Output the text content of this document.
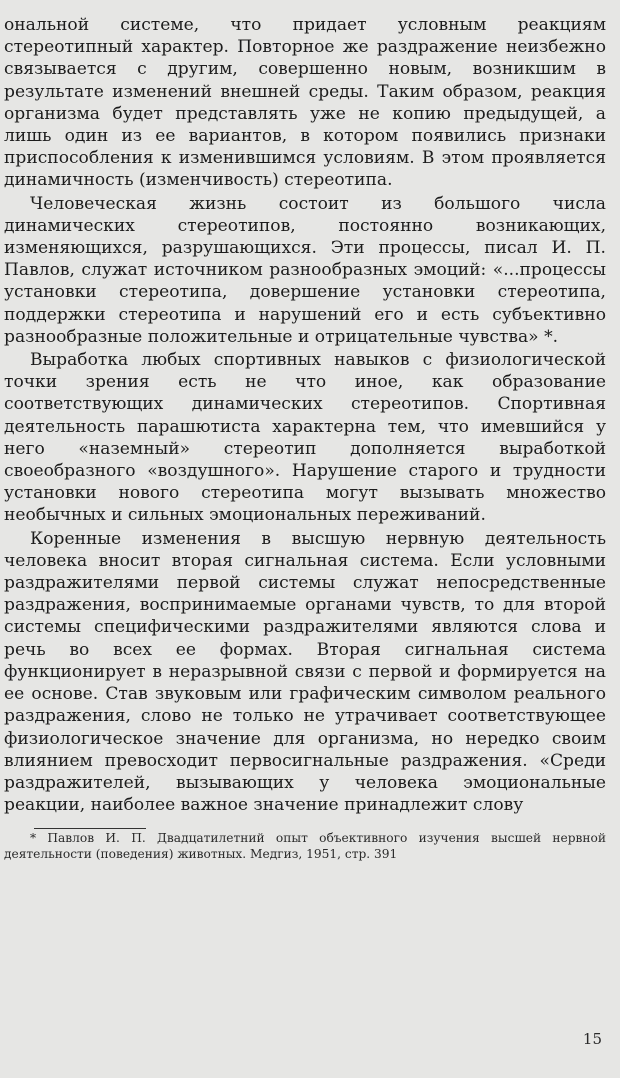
ональной системе, что придает условным реакциям стереотипный характер. Повторное же раздражение неизбежно связывается с другим, совершенно новым, возникшим в результате изменений внешней среды. Таким образом, реакция организма будет представлять уже не копию предыдущей, а лишь один из ее вариантов, в котором появились признаки приспособления к изменившимся условиям. В этом проявляется динамичность (изменчивость) стереотипа.

Человеческая жизнь состоит из большого числа динамических стереотипов, постоянно возникающих, изменяющихся, разрушающихся. Эти процессы, писал И. П. Павлов, служат источником разнообразных эмоций: «...процессы установки стереотипа, довершение установки стереотипа, поддержки стереотипа и нарушений его и есть субъективно разнообразные положительные и отрицательные чувства» *.

Выработка любых спортивных навыков с физиологической точки зрения есть не что иное, как образование соответствующих динамических стереотипов. Спортивная деятельность парашютиста характерна тем, что имевшийся у него «наземный» стереотип дополняется выработкой своеобразного «воздушного». Нарушение старого и трудности установки нового стереотипа могут вызывать множество необычных и сильных эмоциональных переживаний.

Коренные изменения в высшую нервную деятельность человека вносит вторая сигнальная система. Если условными раздражителями первой системы служат непосредственные раздражения, воспринимаемые органами чувств, то для второй системы специфическими раздражителями являются слова и речь во всех ее формах. Вторая сигнальная система функционирует в неразрывной связи с первой и формируется на ее основе. Став звуковым или графическим символом реального раздражения, слово не только не утрачивает соответствующее физиологическое значение для организма, но нередко своим влиянием превосходит первосигнальные раздражения. «Среди раздражителей, вызывающих у человека эмоциональные реакции, наиболее важное значение принадлежит слову

* Павлов И. П. Двадцатилетний опыт объективного изучения высшей нервной деятельности (поведения) животных. Медгиз, 1951, стр. 391

15
